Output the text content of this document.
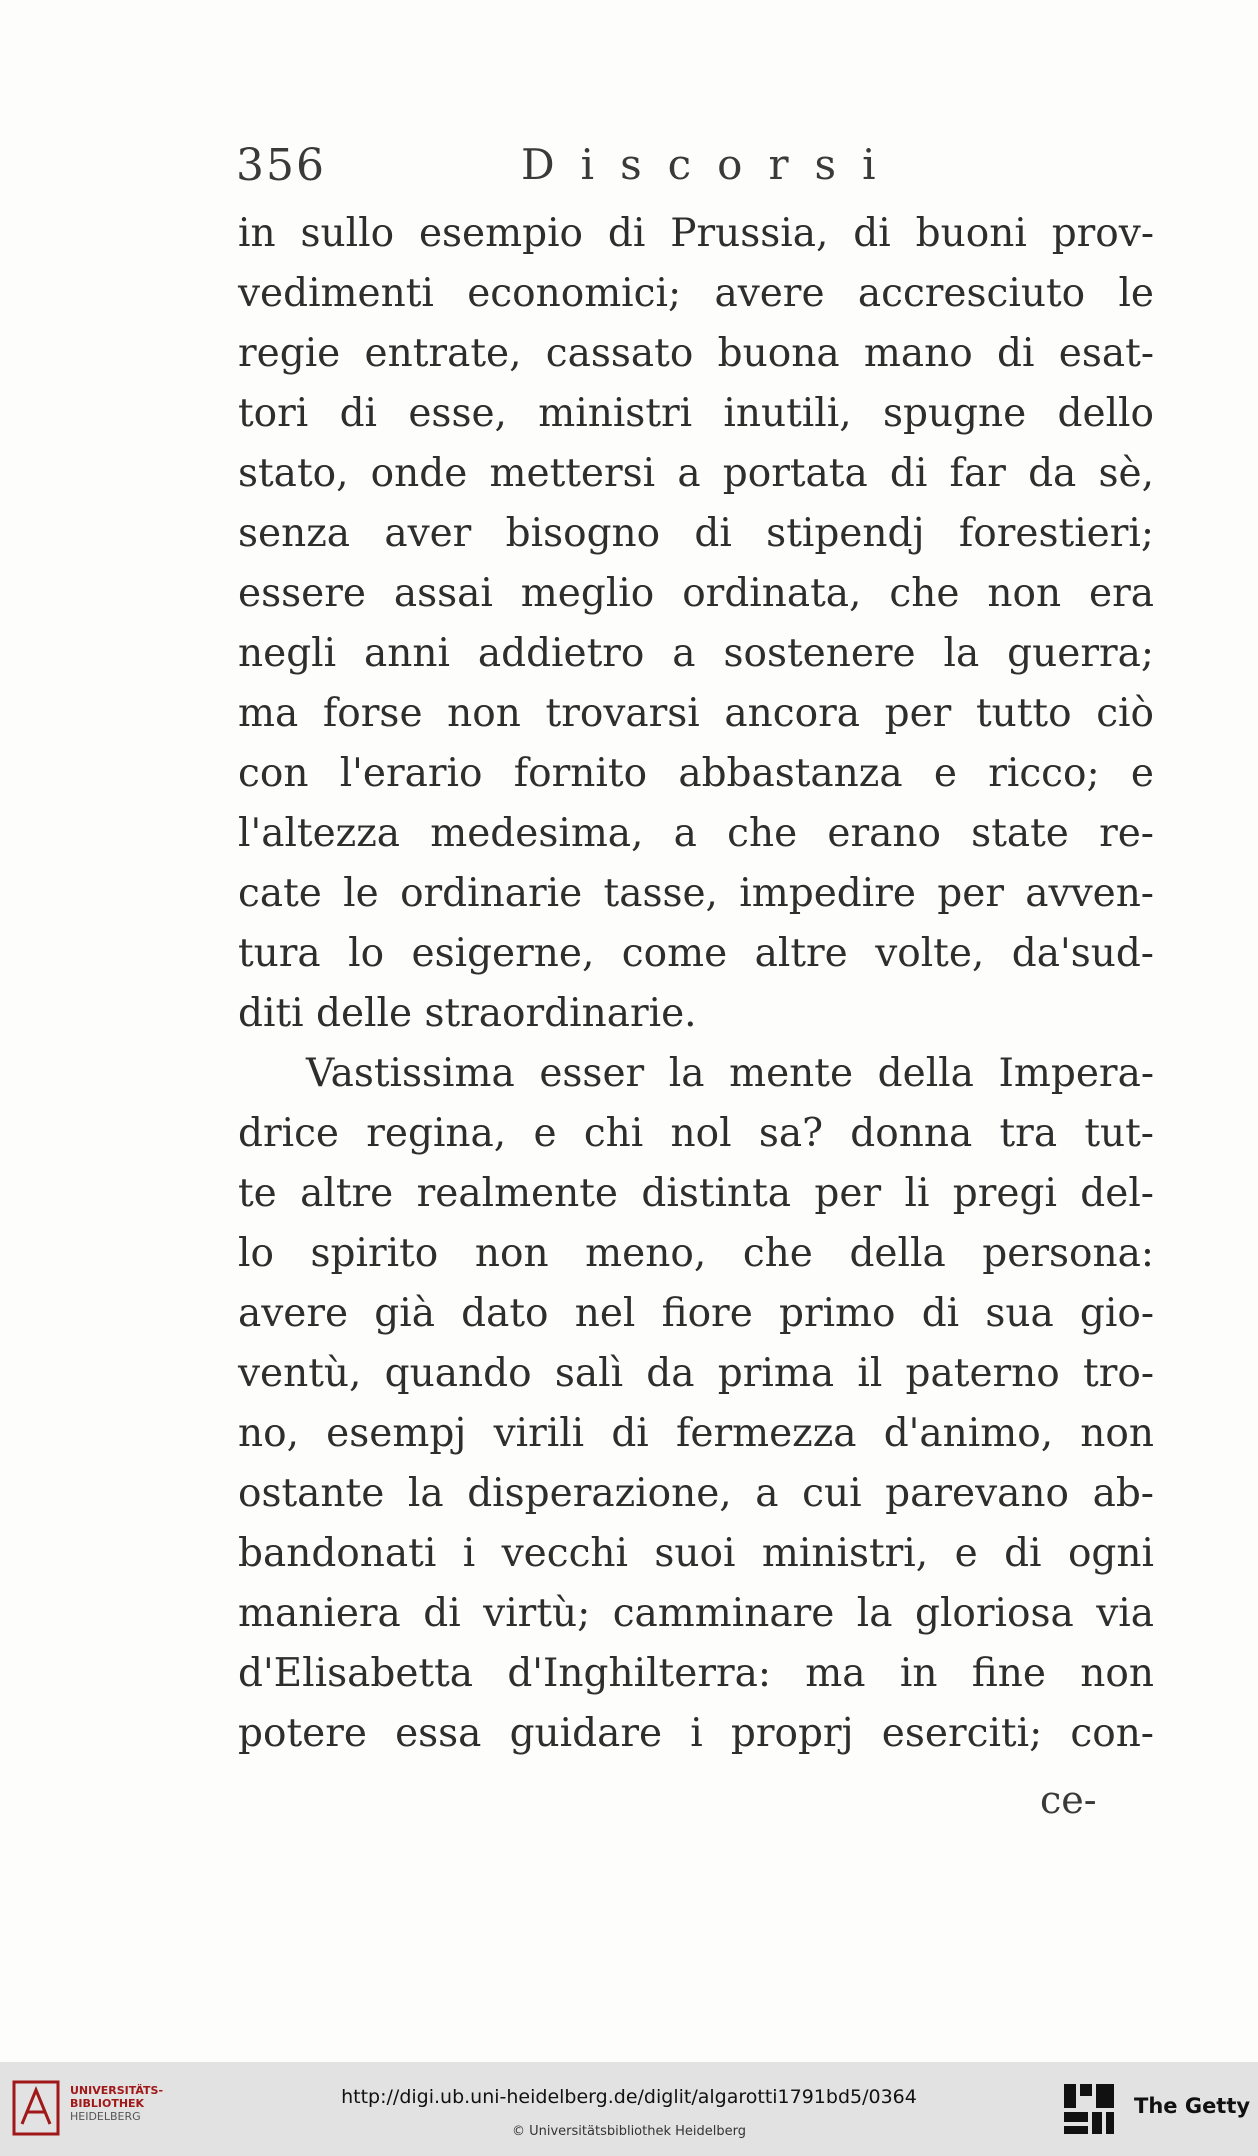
356	Discorsi
in sullo esempio di Prussia, di buoni prov-
vedimenti economici; avere accresciuto le
regie entrate, cassato buona mano di esat-
tori di esse, ministri inutili, spugne dello
stato, onde mettersi a portata di far da sè,
senza aver bisogno di stipendj forestieri;
essere assai meglio ordinata, che non era
negli anni addietro a sostenere la guerra;
ma forse non trovarsi ancora per tutto ciò
con l'erario fornito abbastanza e ricco; e
l'altezza medesima, a che erano state re-
cate le ordinarie tasse, impedire per avven-
tura lo esigerne, come altre volte, da'sud-
diti delle straordinarie.
Vastissima esser la mente della Impera-
drice regina, e chi nol sa? donna tra tut-
te altre realmente distinta per li pregi del-
lo spirito non meno, che della persona:
avere già dato nel fiore primo di sua gio-
ventù, quando salì da prima il paterno tro-
no, esempj virili di fermezza d'animo, non
ostante la disperazione, a cui parevano ab-
bandonati i vecchi suoi ministri, e di ogni
maniera di virtù; camminare la gloriosa via
d'Elisabetta d'Inghilterra: ma in fine non
potere essa guidare i proprj eserciti; con-
ce-
UNIVERSITÄTS-
BIBLIOTHEK
HEIDELBERG
http://digi.ub.uni-heidelberg.de/diglit/algarotti1791bd5/0364
© Universitätsbibliothek Heidelberg
The Getty
